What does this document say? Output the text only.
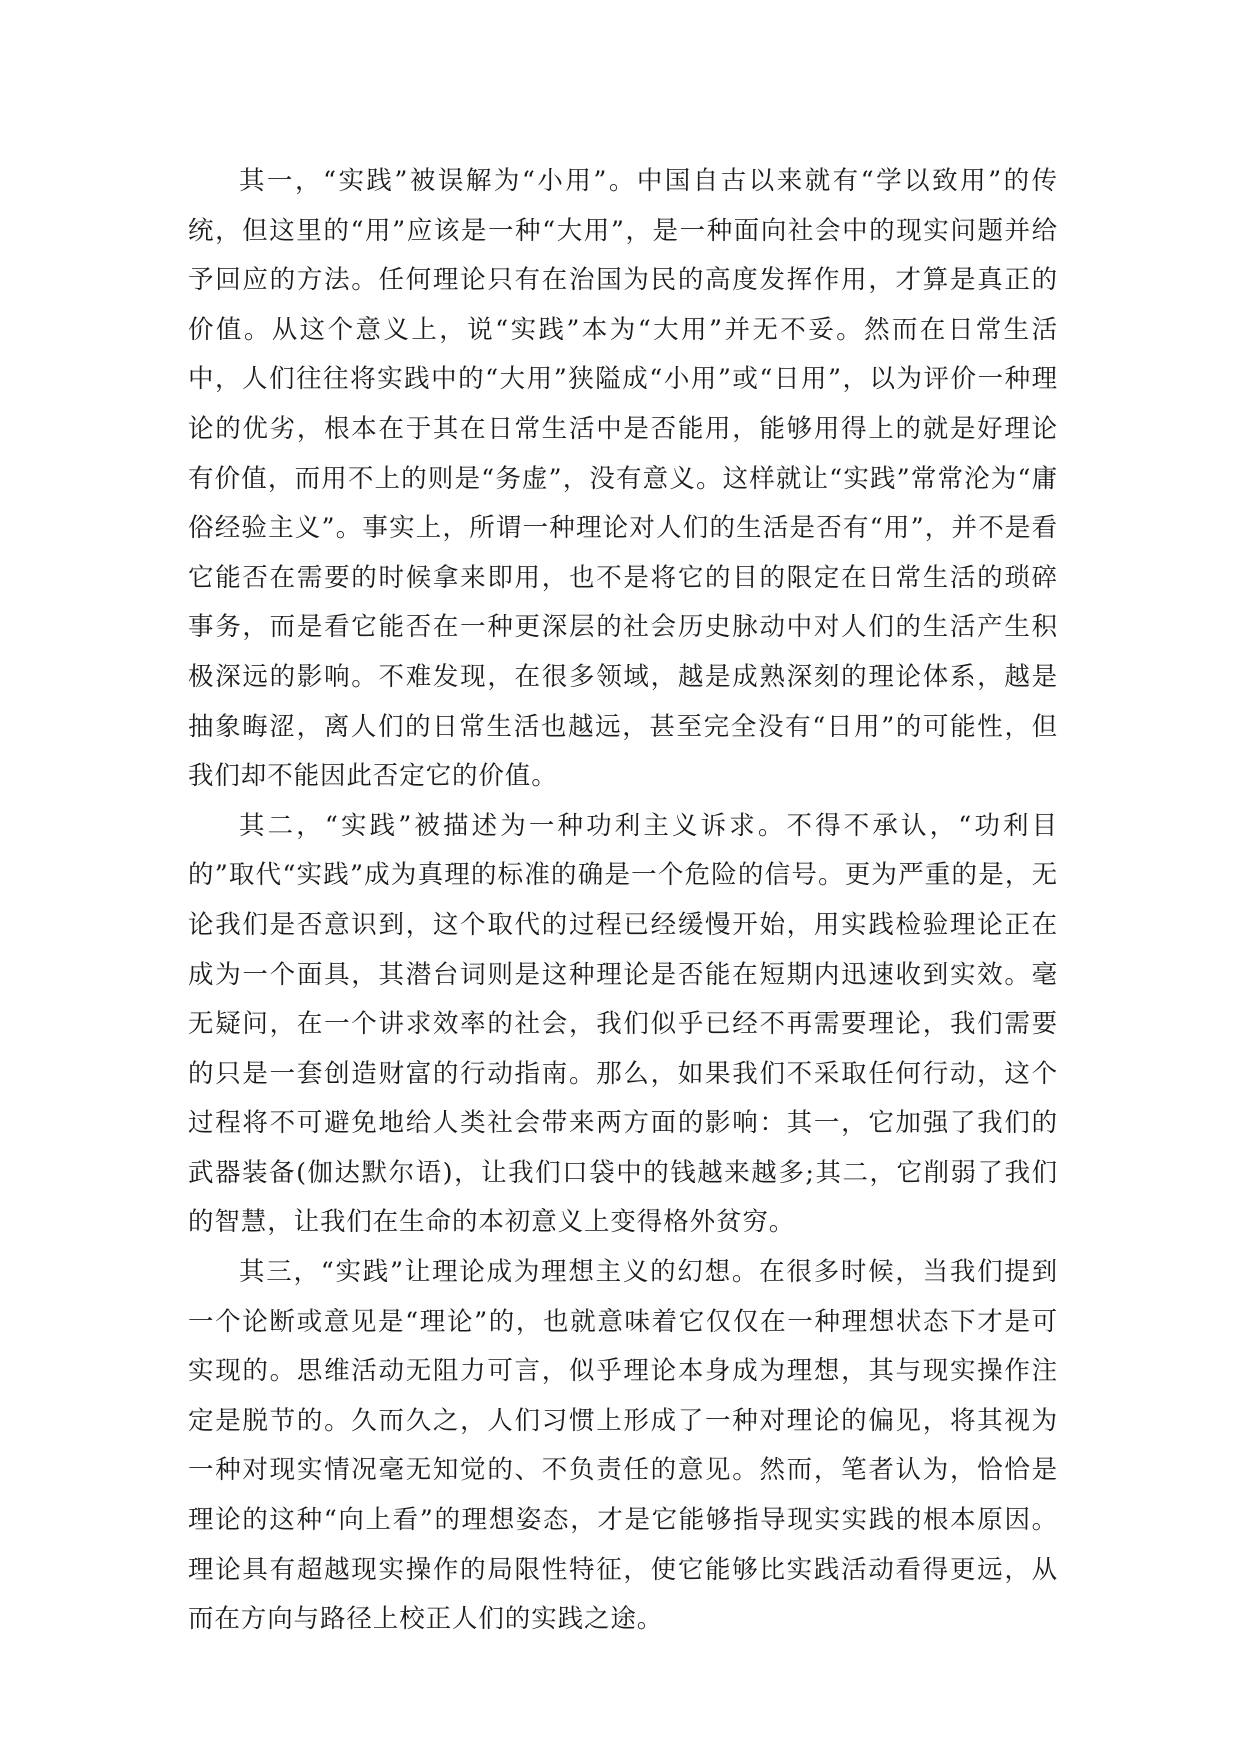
其一，“实践”被误解为“小用”。中国自古以来就有“学以致用”的传统，但这里的“用”应该是一种“大用”，是一种面向社会中的现实问题并给予回应的方法。任何理论只有在治国为民的高度发挥作用，才算是真正的价值。从这个意义上，说“实践”本为“大用”并无不妥。然而在日常生活中，人们往往将实践中的“大用”狭隘成“小用”或“日用”，以为评价一种理论的优劣，根本在于其在日常生活中是否能用，能够用得上的就是好理论有价值，而用不上的则是“务虚”，没有意义。这样就让“实践”常常沦为“庸俗经验主义”。事实上，所谓一种理论对人们的生活是否有“用”，并不是看它能否在需要的时候拿来即用，也不是将它的目的限定在日常生活的琐碎事务，而是看它能否在一种更深层的社会历史脉动中对人们的生活产生积极深远的影响。不难发现，在很多领域，越是成熟深刻的理论体系，越是抽象晦涩，离人们的日常生活也越远，甚至完全没有“日用”的可能性，但我们却不能因此否定它的价值。

其二，“实践”被描述为一种功利主义诉求。不得不承认，“功利目的”取代“实践”成为真理的标准的确是一个危险的信号。更为严重的是，无论我们是否意识到，这个取代的过程已经缓慢开始，用实践检验理论正在成为一个面具，其潜台词则是这种理论是否能在短期内迅速收到实效。毫无疑问，在一个讲求效率的社会，我们似乎已经不再需要理论，我们需要的只是一套创造财富的行动指南。那么，如果我们不采取任何行动，这个过程将不可避免地给人类社会带来两方面的影响：其一，它加强了我们的武器装备(伽达默尔语)，让我们口袋中的钱越来越多;其二，它削弱了我们的智慧，让我们在生命的本初意义上变得格外贫穷。

其三，“实践”让理论成为理想主义的幻想。在很多时候，当我们提到一个论断或意见是“理论”的，也就意味着它仅仅在一种理想状态下才是可实现的。思维活动无阻力可言，似乎理论本身成为理想，其与现实操作注定是脱节的。久而久之，人们习惯上形成了一种对理论的偏见，将其视为一种对现实情况毫无知觉的、不负责任的意见。然而，笔者认为，恰恰是理论的这种“向上看”的理想姿态，才是它能够指导现实实践的根本原因。理论具有超越现实操作的局限性特征，使它能够比实践活动看得更远，从而在方向与路径上校正人们的实践之途。
